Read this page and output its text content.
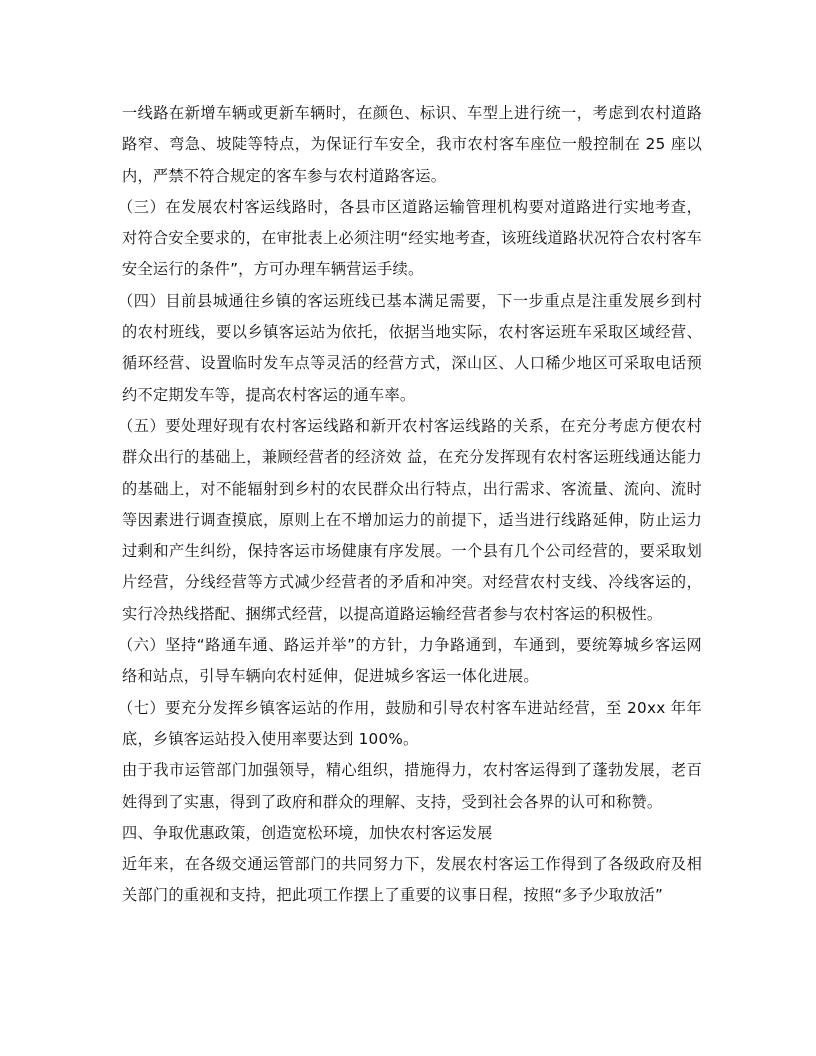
一线路在新增车辆或更新车辆时，在颜色、标识、车型上进行统一，考虑到农村道路路窄、弯急、坡陡等特点，为保证行车安全，我市农村客车座位一般控制在 25 座以内，严禁不符合规定的客车参与农村道路客运。

（三）在发展农村客运线路时，各县市区道路运输管理机构要对道路进行实地考查，对符合安全要求的，在审批表上必须注明“经实地考查，该班线道路状况符合农村客车安全运行的条件”，方可办理车辆营运手续。

（四）目前县城通往乡镇的客运班线已基本满足需要，下一步重点是注重发展乡到村的农村班线，要以乡镇客运站为依托，依据当地实际，农村客运班车采取区域经营、循环经营、设置临时发车点等灵活的经营方式，深山区、人口稀少地区可采取电话预约不定期发车等，提高农村客运的通车率。

（五）要处理好现有农村客运线路和新开农村客运线路的关系，在充分考虑方便农村群众出行的基础上，兼顾经营者的经济效 益，在充分发挥现有农村客运班线通达能力的基础上，对不能辐射到乡村的农民群众出行特点，出行需求、客流量、流向、流时等因素进行调查摸底，原则上在不增加运力的前提下，适当进行线路延伸，防止运力过剩和产生纠纷，保持客运市场健康有序发展。一个县有几个公司经营的，要采取划片经营，分线经营等方式减少经营者的矛盾和冲突。对经营农村支线、冷线客运的，实行冷热线搭配、捆绑式经营，以提高道路运输经营者参与农村客运的积极性。

（六）坚持“路通车通、路运并举”的方针，力争路通到，车通到，要统筹城乡客运网络和站点，引导车辆向农村延伸，促进城乡客运一体化进展。

（七）要充分发挥乡镇客运站的作用，鼓励和引导农村客车进站经营，至 20xx 年年底，乡镇客运站投入使用率要达到 100%。

由于我市运管部门加强领导，精心组织，措施得力，农村客运得到了蓬勃发展，老百姓得到了实惠，得到了政府和群众的理解、支持，受到社会各界的认可和称赞。

四、争取优惠政策，创造宽松环境，加快农村客运发展

近年来，在各级交通运管部门的共同努力下，发展农村客运工作得到了各级政府及相关部门的重视和支持，把此项工作摆上了重要的议事日程，按照“多予少取放活”
